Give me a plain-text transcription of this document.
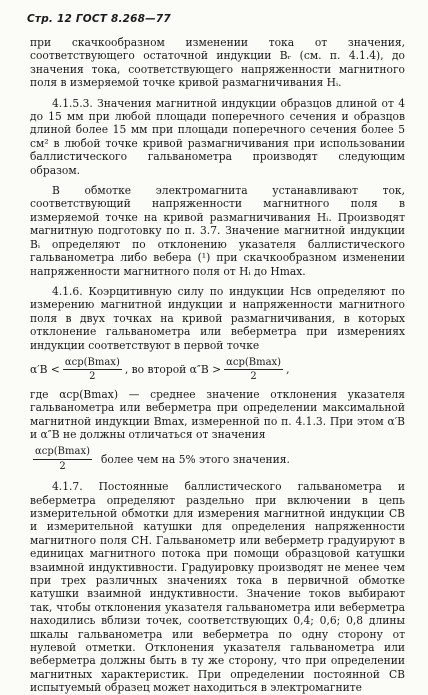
Стр. 12 ГОСТ 8.268—77

при скачкообразном изменении тока от значения, соответствующего остаточной индукции Bᵣ (см. п. 4.1.4), до значения тока, соответствующего напряженности магнитного поля в измеряемой точке кривой размагничивания Hᵢ.

4.1.5.3. Значения магнитной индукции образцов длиной от 4 до 15 мм при любой площади поперечного сечения и образцов длиной более 15 мм при площади поперечного сечения более 5 см² в любой точке кривой размагничивания при использовании баллистического гальванометра производят следующим образом.

В обмотке электромагнита устанавливают ток, соответствующий напряженности магнитного поля в измеряемой точке на кривой размагничивания Hᵢ. Производят магнитную подготовку по п. 3.7. Значение магнитной индукции Bᵢ определяют по отклонению указателя баллистического гальванометра либо вебера (¹) при скачкообразном изменении напряженности магнитного поля от Hᵢ до Hmax.

4.1.6. Коэрцитивную силу по индукции Hcв определяют по измерению магнитной индукции и напряженности магнитного поля в двух точках на кривой размагничивания, в которых отклонение гальванометра или веберметра при измерениях индукции соответствуют в первой точке

$\alpha'B < \frac{\text{αcp(Bmax)}}{2}$ , во второй $\alpha''B > \frac{\text{αcp(Bmax)}}{2}$ ,

где αcp(Bmax) — среднее значение отклонения указателя гальванометра или веберметра при определении максимальной магнитной индукции Bmax, измеренной по п. 4.1.3. При этом α′B и α″B не должны отличаться от значения

$\frac{\text{αcp(Bmax)}}{2}$ более чем на 5% этого значения.

4.1.7. Постоянные баллистического гальванометра и веберметра определяют раздельно при включении в цепь измерительной обмотки для измерения магнитной индукции CB и измерительной катушки для определения напряженности магнитного поля CH. Гальванометр или веберметр градуируют в единицах магнитного потока при помощи образцовой катушки взаимной индуктивности. Градуировку производят не менее чем при трех различных значениях тока в первичной обмотке катушки взаимной индуктивности. Значение токов выбирают так, чтобы отклонения указателя гальванометра или веберметра находились вблизи точек, соответствующих 0,4; 0,6; 0,8 длины шкалы гальванометра или веберметра по одну сторону от нулевой отметки. Отклонения указателя гальванометра или веберметра должны быть в ту же сторону, что при определении магнитных характеристик. При определении постоянной CB испытуемый образец может находиться в электромагните
